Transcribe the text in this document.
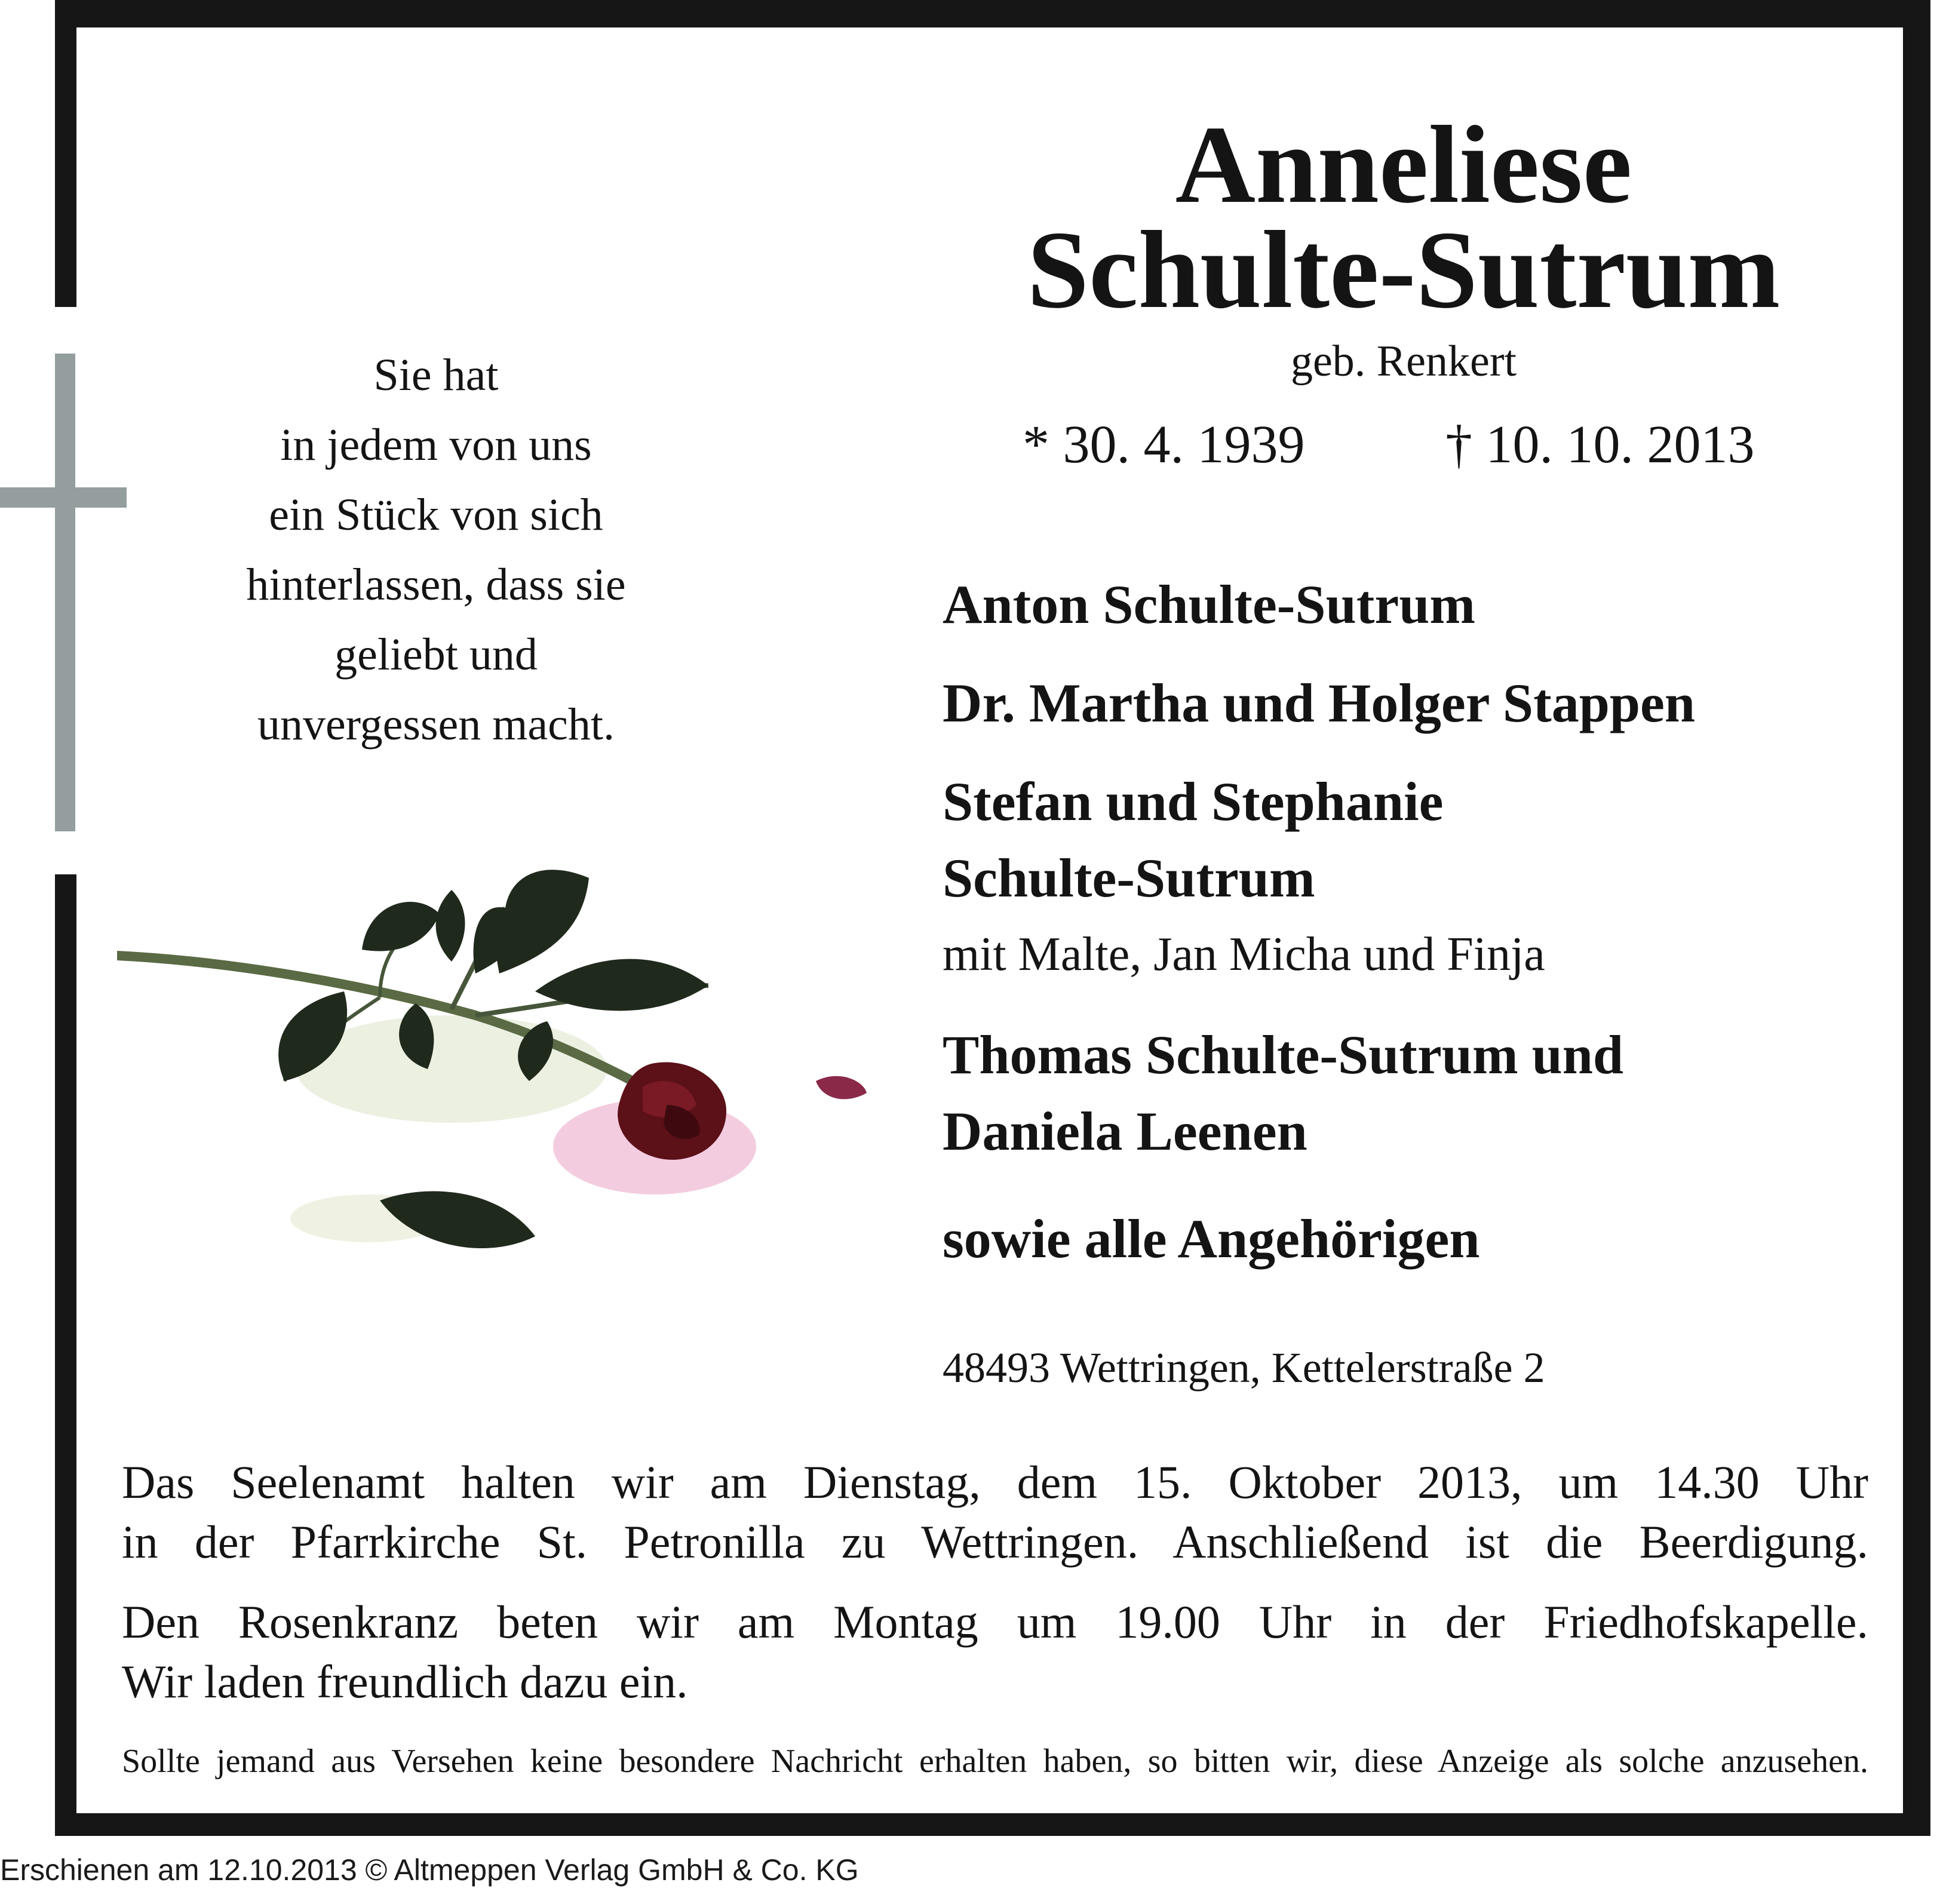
Anneliese
Schulte-Sutrum
geb. Renkert
* 30. 4. 1939	† 10. 10. 2013
Sie hat
in jedem von uns
ein Stück von sich
hinterlassen, dass sie
geliebt und
unvergessen macht.
Anton Schulte-Sutrum
Dr. Martha und Holger Stappen
Stefan und Stephanie
Schulte-Sutrum
mit Malte, Jan Micha und Finja
Thomas Schulte-Sutrum und
Daniela Leenen
sowie alle Angehörigen
48493 Wettringen, Kettelerstraße 2
Das Seelenamt halten wir am Dienstag, dem 15. Oktober 2013, um 14.30 Uhr
in der Pfarrkirche St. Petronilla zu Wettringen. Anschließend ist die Beerdigung.
Den Rosenkranz beten wir am Montag um 19.00 Uhr in der Friedhofskapelle.
Wir laden freundlich dazu ein.
Sollte jemand aus Versehen keine besondere Nachricht erhalten haben, so bitten wir, diese Anzeige als solche anzusehen.
Erschienen am 12.10.2013 © Altmeppen Verlag GmbH & Co. KG
